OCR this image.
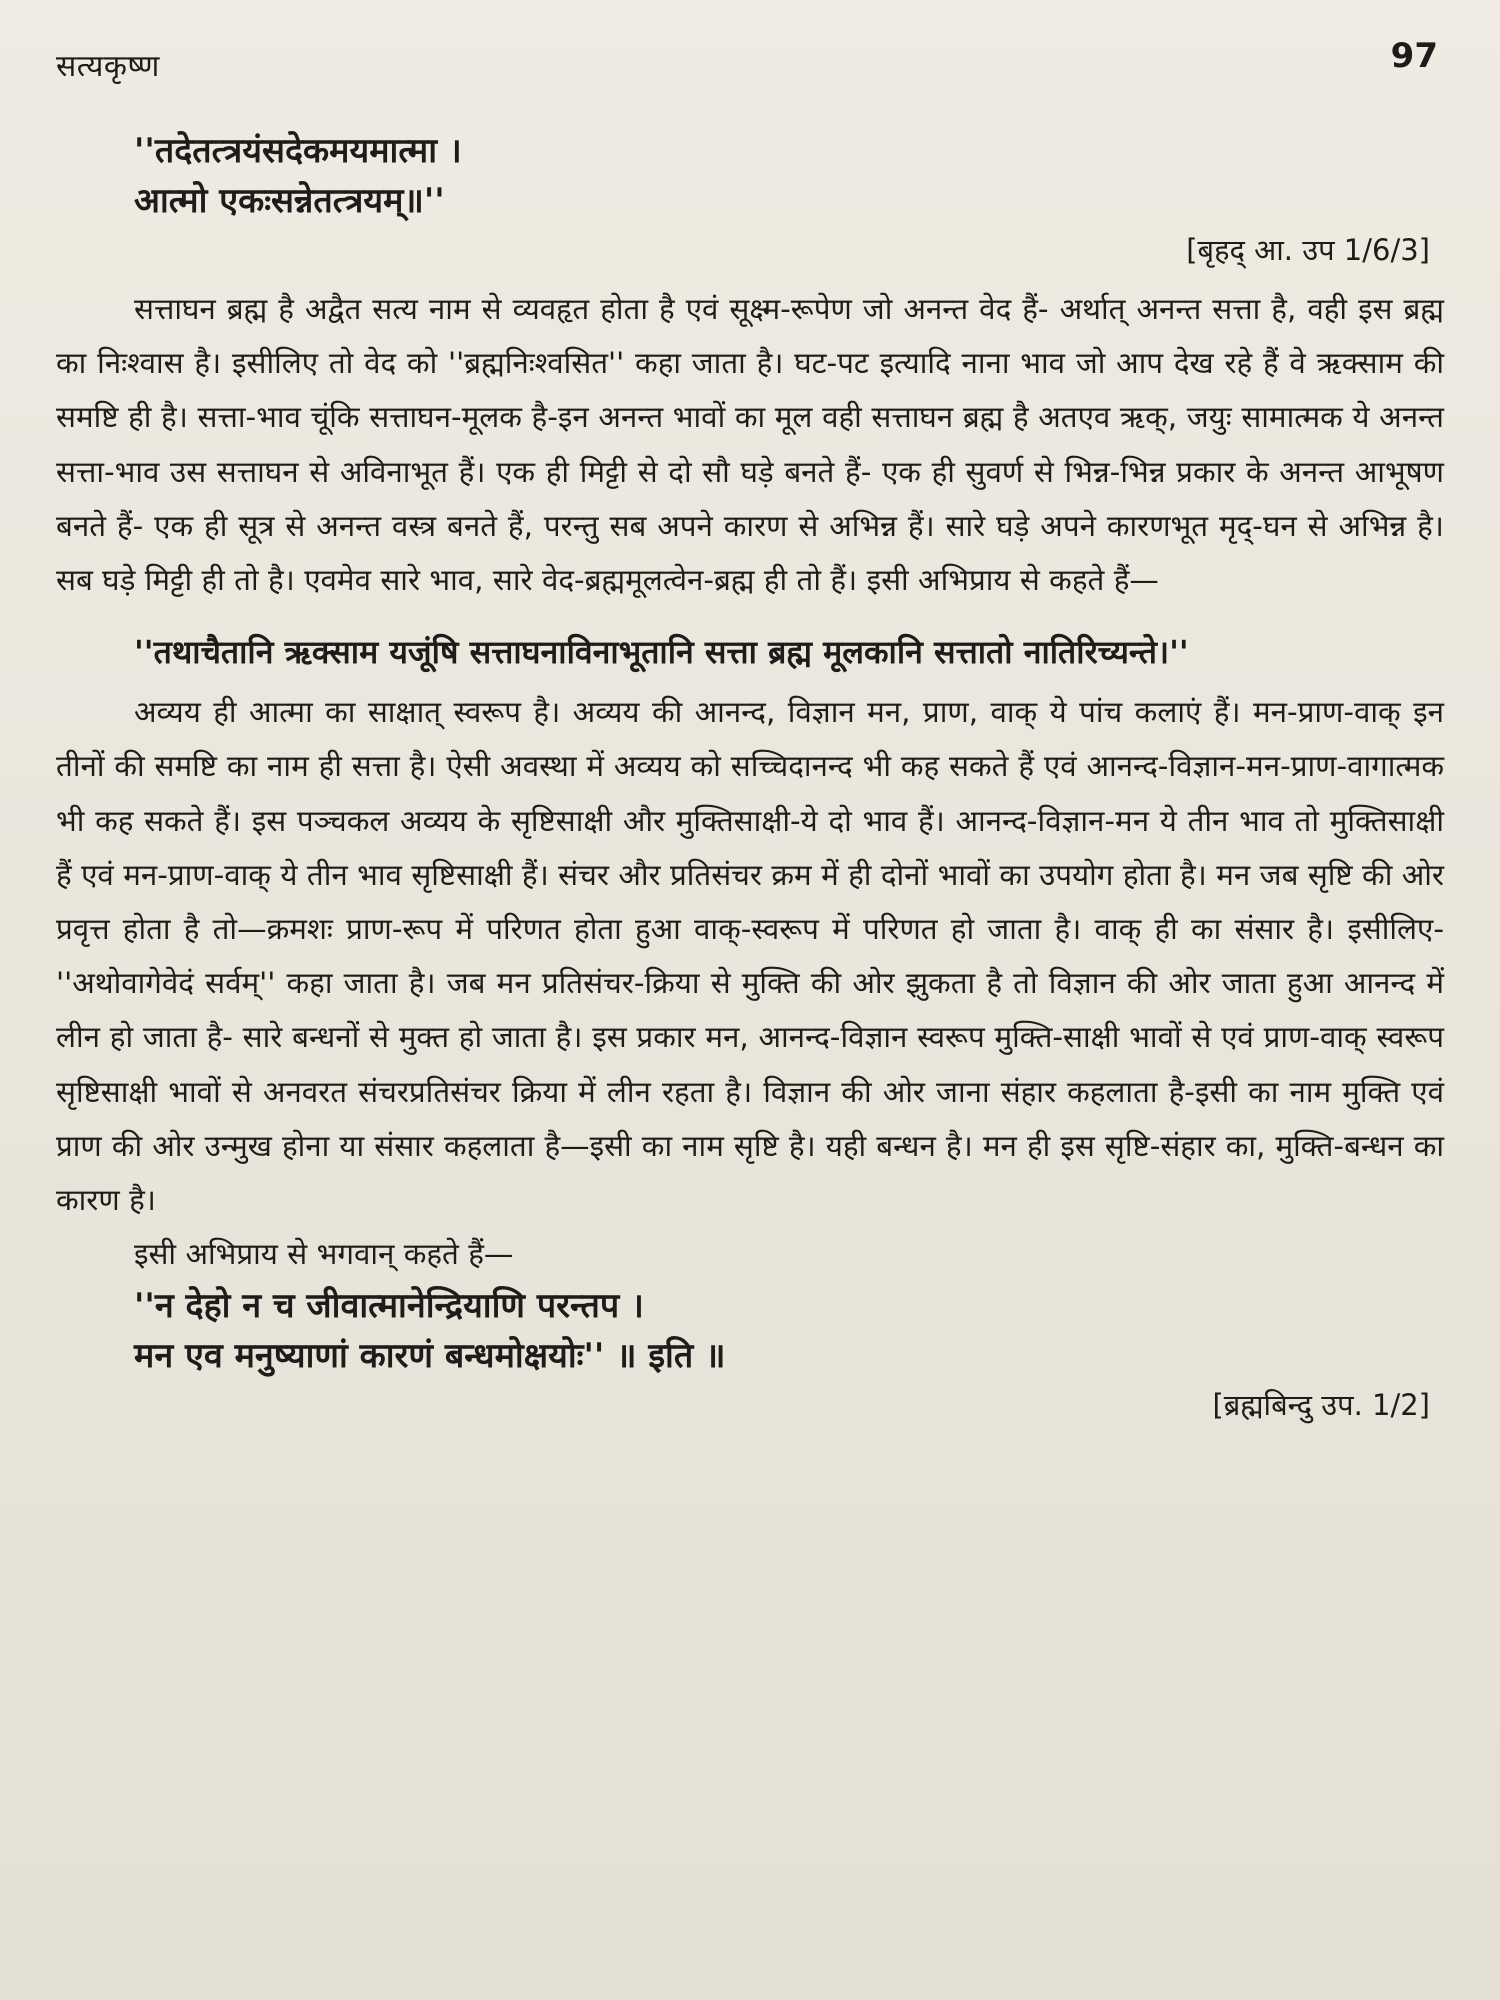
सत्यकृष्ण	97

''तदेतत्त्रयंसदेकमयमात्मा ।

आत्मो एकःसन्नेतत्त्रयम्॥''

[बृहद् आ. उप 1/6/3]

सत्ताघन ब्रह्म है अद्वैत सत्य नाम से व्यवहृत होता है एवं सूक्ष्म-रूपेण जो अनन्त वेद हैं- अर्थात् अनन्त सत्ता है, वही इस ब्रह्म का निःश्वास है। इसीलिए तो वेद को ''ब्रह्मनिःश्वसित'' कहा जाता है। घट-पट इत्यादि नाना भाव जो आप देख रहे हैं वे ऋक्साम की समष्टि ही है। सत्ता-भाव चूंकि सत्ताघन-मूलक है-इन अनन्त भावों का मूल वही सत्ताघन ब्रह्म है अतएव ऋक्, जयुः सामात्मक ये अनन्त सत्ता-भाव उस सत्ताघन से अविनाभूत हैं। एक ही मिट्टी से दो सौ घड़े बनते हैं- एक ही सुवर्ण से भिन्न-भिन्न प्रकार के अनन्त आभूषण बनते हैं- एक ही सूत्र से अनन्त वस्त्र बनते हैं, परन्तु सब अपने कारण से अभिन्न हैं। सारे घड़े अपने कारणभूत मृद्-घन से अभिन्न है। सब घड़े मिट्टी ही तो है। एवमेव सारे भाव, सारे वेद-ब्रह्ममूलत्वेन-ब्रह्म ही तो हैं। इसी अभिप्राय से कहते हैं—

''तथाचैतानि ऋक्साम यजूंषि सत्ताघनाविनाभूतानि सत्ता ब्रह्म मूलकानि सत्तातो नातिरिच्यन्ते।''

अव्यय ही आत्मा का साक्षात् स्वरूप है। अव्यय की आनन्द, विज्ञान मन, प्राण, वाक् ये पांच कलाएं हैं। मन-प्राण-वाक् इन तीनों की समष्टि का नाम ही सत्ता है। ऐसी अवस्था में अव्यय को सच्चिदानन्द भी कह सकते हैं एवं आनन्द-विज्ञान-मन-प्राण-वागात्मक भी कह सकते हैं। इस पञ्चकल अव्यय के सृष्टिसाक्षी और मुक्तिसाक्षी-ये दो भाव हैं। आनन्द-विज्ञान-मन ये तीन भाव तो मुक्तिसाक्षी हैं एवं मन-प्राण-वाक् ये तीन भाव सृष्टिसाक्षी हैं। संचर और प्रतिसंचर क्रम में ही दोनों भावों का उपयोग होता है। मन जब सृष्टि की ओर प्रवृत्त होता है तो—क्रमशः प्राण-रूप में परिणत होता हुआ वाक्-स्वरूप में परिणत हो जाता है। वाक् ही का संसार है। इसीलिए- ''अथोवागेवेदं सर्वम्'' कहा जाता है। जब मन प्रतिसंचर-क्रिया से मुक्ति की ओर झुकता है तो विज्ञान की ओर जाता हुआ आनन्द में लीन हो जाता है- सारे बन्धनों से मुक्त हो जाता है। इस प्रकार मन, आनन्द-विज्ञान स्वरूप मुक्ति-साक्षी भावों से एवं प्राण-वाक् स्वरूप सृष्टिसाक्षी भावों से अनवरत संचरप्रतिसंचर क्रिया में लीन रहता है। विज्ञान की ओर जाना संहार कहलाता है-इसी का नाम मुक्ति एवं प्राण की ओर उन्मुख होना या संसार कहलाता है—इसी का नाम सृष्टि है। यही बन्धन है। मन ही इस सृष्टि-संहार का, मुक्ति-बन्धन का कारण है।

इसी अभिप्राय से भगवान् कहते हैं—

''न देहो न च जीवात्मानेन्द्रियाणि परन्तप ।

मन एव मनुष्याणां कारणं बन्धमोक्षयोः'' ॥ इति ॥

[ब्रह्मबिन्दु उप. 1/2]
